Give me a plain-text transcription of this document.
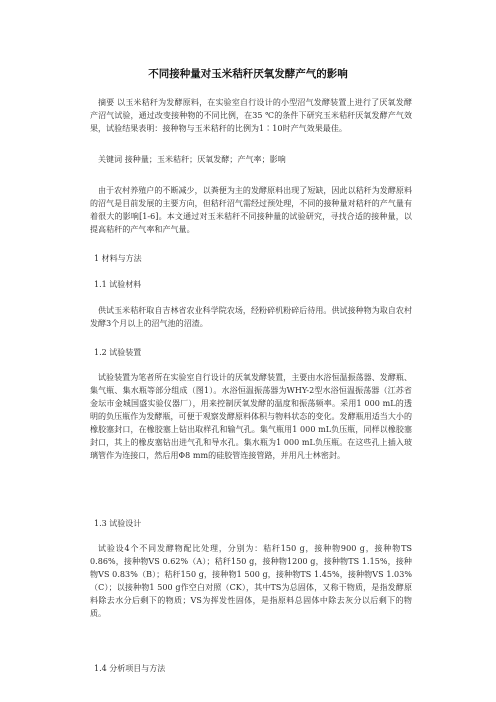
不同接种量对玉米秸秆厌氧发酵产气的影响
摘要 以玉米秸秆为发酵原料，在实验室自行设计的小型沼气发酵装置上进行了厌氧发酵产沼气试验，通过改变接种物的不同比例，在35 ℃的条件下研究玉米秸秆厌氧发酵产气效果，试验结果表明：接种物与玉米秸秆的比例为1∶10时产气效果最佳。
关键词 接种量；玉米秸秆；厌氧发酵；产气率；影响
由于农村养殖户的不断减少，以粪便为主的发酵原料出现了短缺，因此以秸秆为发酵原料的沼气是目前发展的主要方向，但秸秆沼气需经过预处理，不同的接种量对秸秆的产气量有着很大的影响[1-6]。本文通过对玉米秸秆不同接种量的试验研究，寻找合适的接种量，以提高秸秆的产气率和产气量。
1 材料与方法
1.1 试验材料
供试玉米秸秆取自吉林省农业科学院农场，经粉碎机粉碎后待用。供试接种物为取自农村发酵3个月以上的沼气池的沼渣。
1.2 试验装置
试验装置为笔者所在实验室自行设计的厌氧发酵装置，主要由水浴恒温振荡器、发酵瓶、集气瓶、集水瓶等部分组成（图1）。水浴恒温振荡器为WHY-2型水浴恒温振荡器（江苏省金坛市金城国盛实验仪器厂），用来控制厌氧发酵的温度和振荡频率。采用1 000 mL的透明的负压瓶作为发酵瓶，可便于观察发酵原料体积与物料状态的变化。发酵瓶用适当大小的橡胶塞封口，在橡胶塞上钻出取样孔和输气孔。集气瓶用1 000 mL负压瓶，同样以橡胶塞封口，其上的橡皮塞钻出进气孔和导水孔。集水瓶为1 000 mL负压瓶。在这些孔上插入玻璃管作为连接口，然后用Φ8 mm的硅胶管连接管路，并用凡士林密封。
1.3 试验设计
试验设4个不同发酵物配比处理，分别为：秸秆150 g，接种物900 g，接种物TS 0.86%，接种物VS 0.62%（A）；秸秆150 g，接种物1200 g，接种物TS 1.15%，接种物VS 0.83%（B）；秸秆150 g，接种物1 500 g，接种物TS 1.45%，接种物VS 1.03%（C）；以接种物1 500 g作空白对照（CK），其中TS为总固体，又称干物质，是指发酵原料除去水分后剩下的物质；VS为挥发性固体，是指原料总固体中除去灰分以后剩下的物质。
1.4 分析项目与方法
